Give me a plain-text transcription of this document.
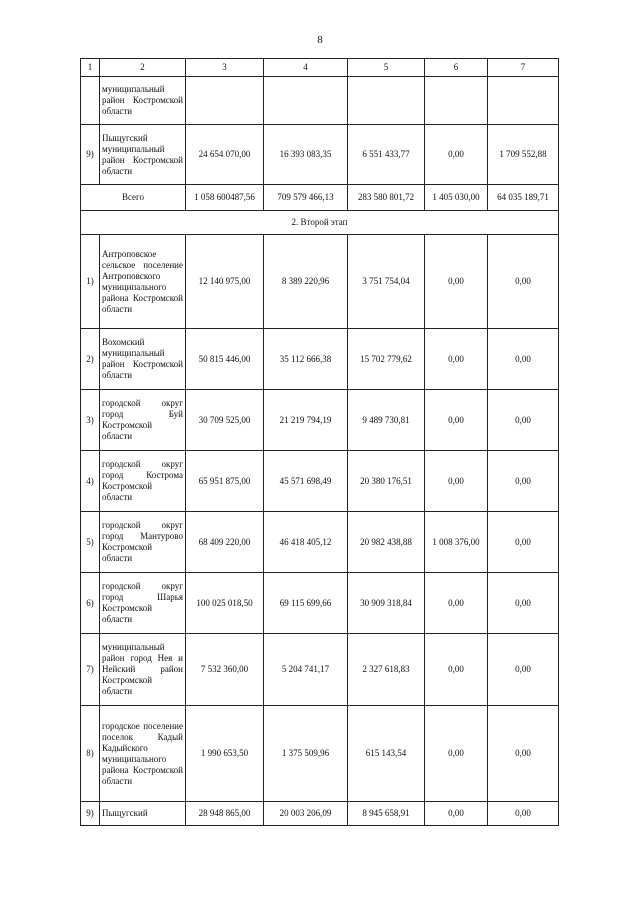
8
1	2	3	4	5	6	7

	муниципальный район Костромской области					

9)	Пыщугский муниципальный район Костромской области	24 654 070,00	16 393 083,35	6 551 433,77	0,00	1 709 552,88
Всего		1 058 600487,56	709 579 466,13	283 580 801,72	1 405 030,00	64 035 189,71
2. Второй этап						
1)	Антроповское сельское поселение Антроповского муниципального района Костромской области	12 140 975,00	8 389 220,96	3 751 754,04	0,00	0,00
2)	Вохомский муниципальный район Костромской области	50 815 446,00	35 112 666,38	15 702 779,62	0,00	0,00
3)	городской округ город Буй Костромской области	30 709 525,00	21 219 794,19	9 489 730,81	0,00	0,00
4)	городской округ город Кострома Костромской области	65 951 875,00	45 571 698,49	20 380 176,51	0,00	0,00
5)	городской округ город Мантурово Костромской области	68 409 220,00	46 418 405,12	20 982 438,88	1 008 376,00	0,00
6)	городской округ город Шарья Костромской области	100 025 018,50	69 115 699,66	30 909 318,84	0,00	0,00
7)	муниципальный район город Нея и Нейский район Костромской области	7 532 360,00	5 204 741,17	2 327 618,83	0,00	0,00
8)	городское поселение поселок Кадый Кадыйского муниципального района Костромской области	1 990 653,50	1 375 509,96	615 143,54	0,00	0,00
9)	Пыщугский	28 948 865,00	20 003 206,09	8 945 658,91	0,00	0,00
